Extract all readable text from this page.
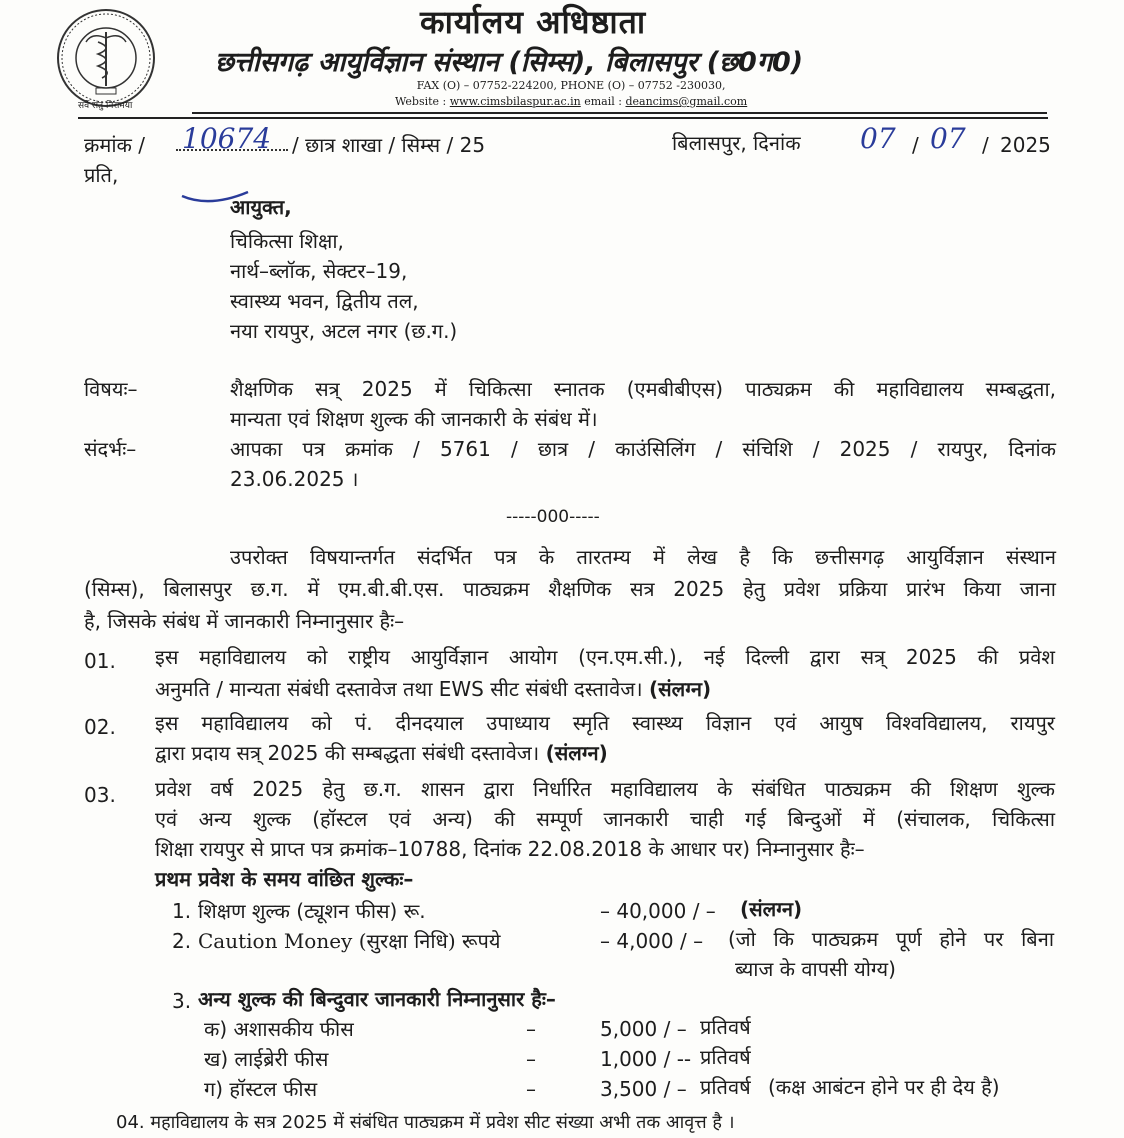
सर्वे संतु निरामया
कार्यालय अधिष्ठाता
छत्तीसगढ़ आयुर्विज्ञान संस्थान (सिम्स), बिलासपुर (छ0ग0)
FAX (O) – 07752-224200, PHONE (O) – 07752 -230030,
Website : www.cimsbilaspur.ac.in email : deancims@gmail.com
क्रमांक / 10674 / छात्र शाखा / सिम्स / 25	बिलासपुर, दिनांक 07 / 07 / 2025
प्रति,
आयुक्त,
चिकित्सा शिक्षा,
नार्थ–ब्लॉक, सेक्टर–19,
स्वास्थ्य भवन, द्वितीय तल,
नया रायपुर, अटल नगर (छ.ग.)
विषयः–	शैक्षणिक सत्र् 2025 में चिकित्सा स्नातक (एमबीबीएस) पाठ्यक्रम की महाविद्यालय सम्बद्धता,
मान्यता एवं शिक्षण शुल्क की जानकारी के संबंध में।
संदर्भः–	आपका पत्र क्रमांक / 5761 / छात्र / काउंसिलिंग / संचिशि / 2025 / रायपुर, दिनांक
23.06.2025 ।
-----000-----
उपरोक्त विषयान्तर्गत संदर्भित पत्र के तारतम्य में लेख है कि छत्तीसगढ़ आयुर्विज्ञान संस्थान
(सिम्स), बिलासपुर छ.ग. में एम.बी.बी.एस. पाठ्यक्रम शैक्षणिक सत्र 2025 हेतु प्रवेश प्रक्रिया प्रारंभ किया जाना
है, जिसके संबंध में जानकारी निम्नानुसार हैः–
01. इस महाविद्यालय को राष्ट्रीय आयुर्विज्ञान आयोग (एन.एम.सी.), नई दिल्ली द्वारा सत्र् 2025 की प्रवेश
अनुमति / मान्यता संबंधी दस्तावेज तथा EWS सीट संबंधी दस्तावेज। (संलग्न)
02. इस महाविद्यालय को पं. दीनदयाल उपाध्याय स्मृति स्वास्थ्य विज्ञान एवं आयुष विश्वविद्यालय, रायपुर
द्वारा प्रदाय सत्र् 2025 की सम्बद्धता संबंधी दस्तावेज। (संलग्न)
03. प्रवेश वर्ष 2025 हेतु छ.ग. शासन द्वारा निर्धारित महाविद्यालय के संबंधित पाठ्यक्रम की शिक्षण शुल्क
एवं अन्य शुल्क (हॉस्टल एवं अन्य) की सम्पूर्ण जानकारी चाही गई बिन्दुओं में (संचालक, चिकित्सा
शिक्षा रायपुर से प्राप्त पत्र क्रमांक–10788, दिनांक 22.08.2018 के आधार पर) निम्नानुसार हैः–
प्रथम प्रवेश के समय वांछित शुल्कः–
1. शिक्षण शुल्क (ट्यूशन फीस) रू.	– 40,000 / – (संलग्न)
2. Caution Money (सुरक्षा निधि) रूपये	– 4,000 / – (जो कि पाठ्यक्रम पूर्ण होने पर बिना
ब्याज के वापसी योग्य)
3. अन्य शुल्क की बिन्दुवार जानकारी निम्नानुसार हैः–
क) अशासकीय फीस	–	5,000 / – प्रतिवर्ष
ख) लाईब्रेरी फीस	–	1,000 / -- प्रतिवर्ष
ग) हॉस्टल फीस	–	3,500 / – प्रतिवर्ष (कक्ष आबंटन होने पर ही देय है)
04. महाविद्यालय के सत्र 2025 में संबंधित पाठ्यक्रम में प्रवेश सीट संख्या अभी तक आवृत्त है ।
